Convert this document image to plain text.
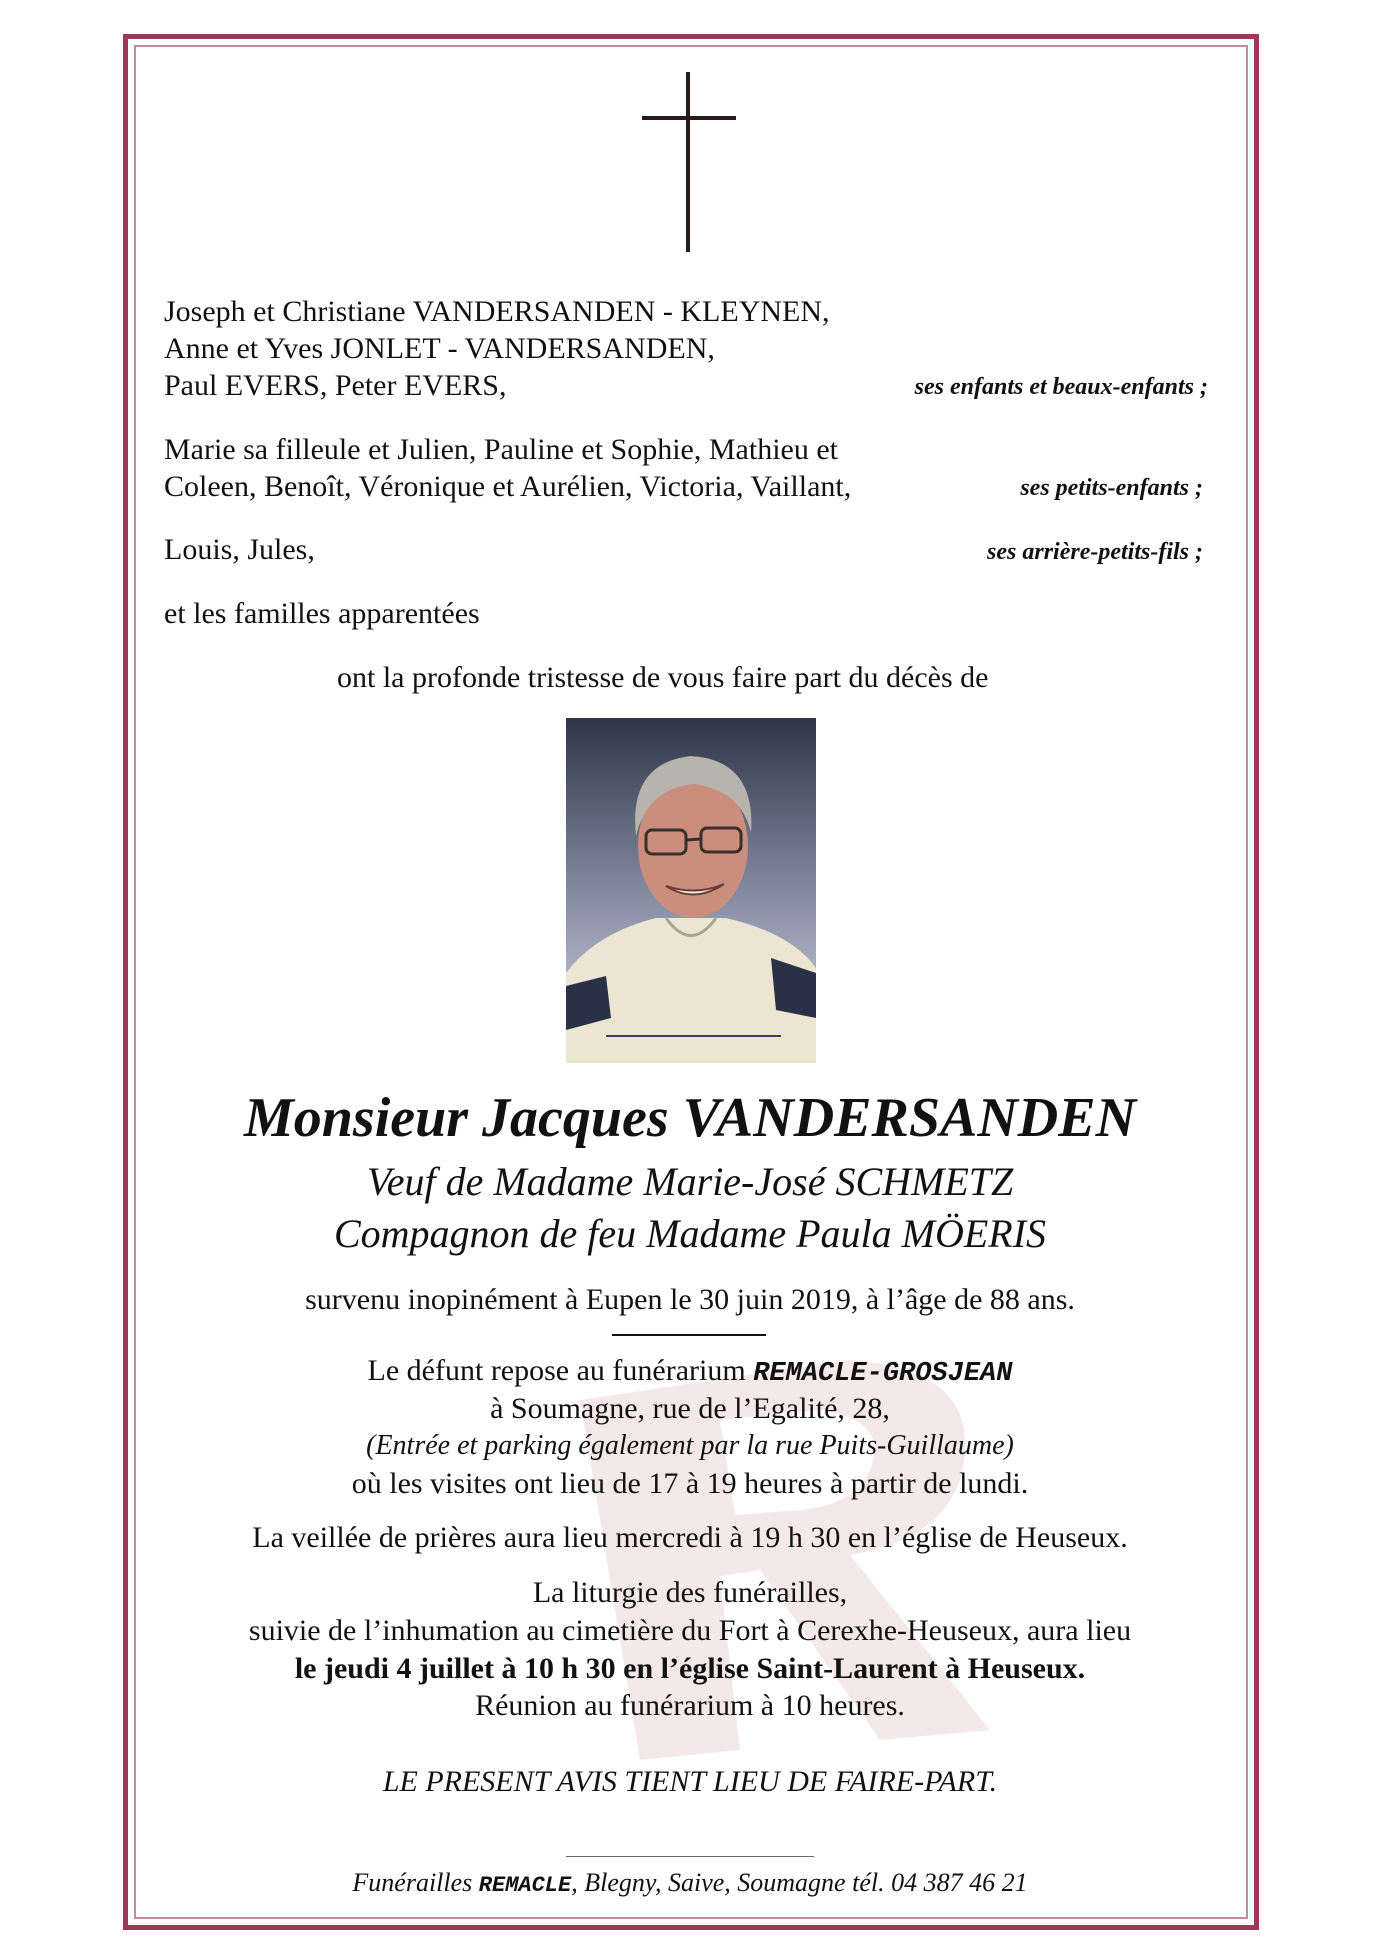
Joseph et Christiane VANDERSANDEN - KLEYNEN,
Anne et Yves JONLET - VANDERSANDEN,
Paul EVERS, Peter EVERS,	ses enfants et beaux-enfants ;
Marie sa filleule et Julien, Pauline et Sophie, Mathieu et
Coleen, Benoît, Véronique et Aurélien, Victoria, Vaillant,	ses petits-enfants ;
Louis, Jules,	ses arrière-petits-fils ;
et les familles apparentées
ont la profonde tristesse de vous faire part du décès de
Monsieur Jacques VANDERSANDEN
Veuf de Madame Marie-José SCHMETZ
Compagnon de feu Madame Paula MÖERIS
survenu inopinément à Eupen le 30 juin 2019, à l’âge de 88 ans.
Le défunt repose au funérarium REMACLE-GROSJEAN
à Soumagne, rue de l’Egalité, 28,
(Entrée et parking également par la rue Puits-Guillaume)
où les visites ont lieu de 17 à 19 heures à partir de lundi.
La veillée de prières aura lieu mercredi à 19 h 30 en l’église de Heuseux.
La liturgie des funérailles,
suivie de l’inhumation au cimetière du Fort à Cerexhe-Heuseux, aura lieu
le jeudi 4 juillet à 10 h 30 en l’église Saint-Laurent à Heuseux.
Réunion au funérarium à 10 heures.
LE PRESENT AVIS TIENT LIEU DE FAIRE-PART.
Funérailles REMACLE, Blegny, Saive, Soumagne tél. 04 387 46 21
